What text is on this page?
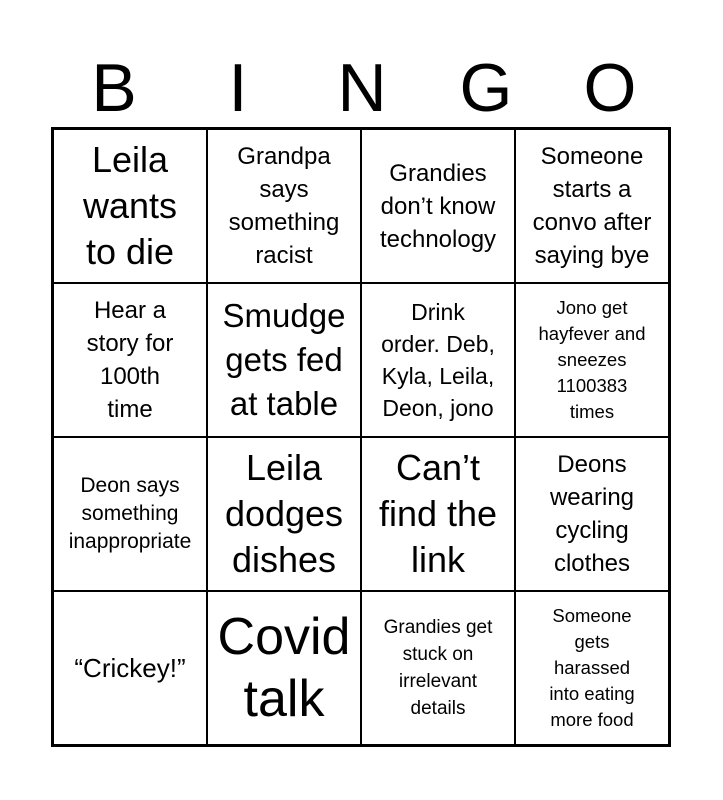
B	I	N	G	O
Leila
wants
to die
Grandpa
says
something
racist
Grandies
don’t know
technology
Someone
starts a
convo after
saying bye
Hear a
story for
100th
time
Smudge
gets fed
at table
Drink
order. Deb,
Kyla, Leila,
Deon, jono
Jono get
hayfever and
sneezes
1100383
times
Deon says
something
inappropriate
Leila
dodges
dishes
Can’t
find the
link
Deons
wearing
cycling
clothes
“Crickey!”
Covid
talk
Grandies get
stuck on
irrelevant
details
Someone
gets
harassed
into eating
more food
